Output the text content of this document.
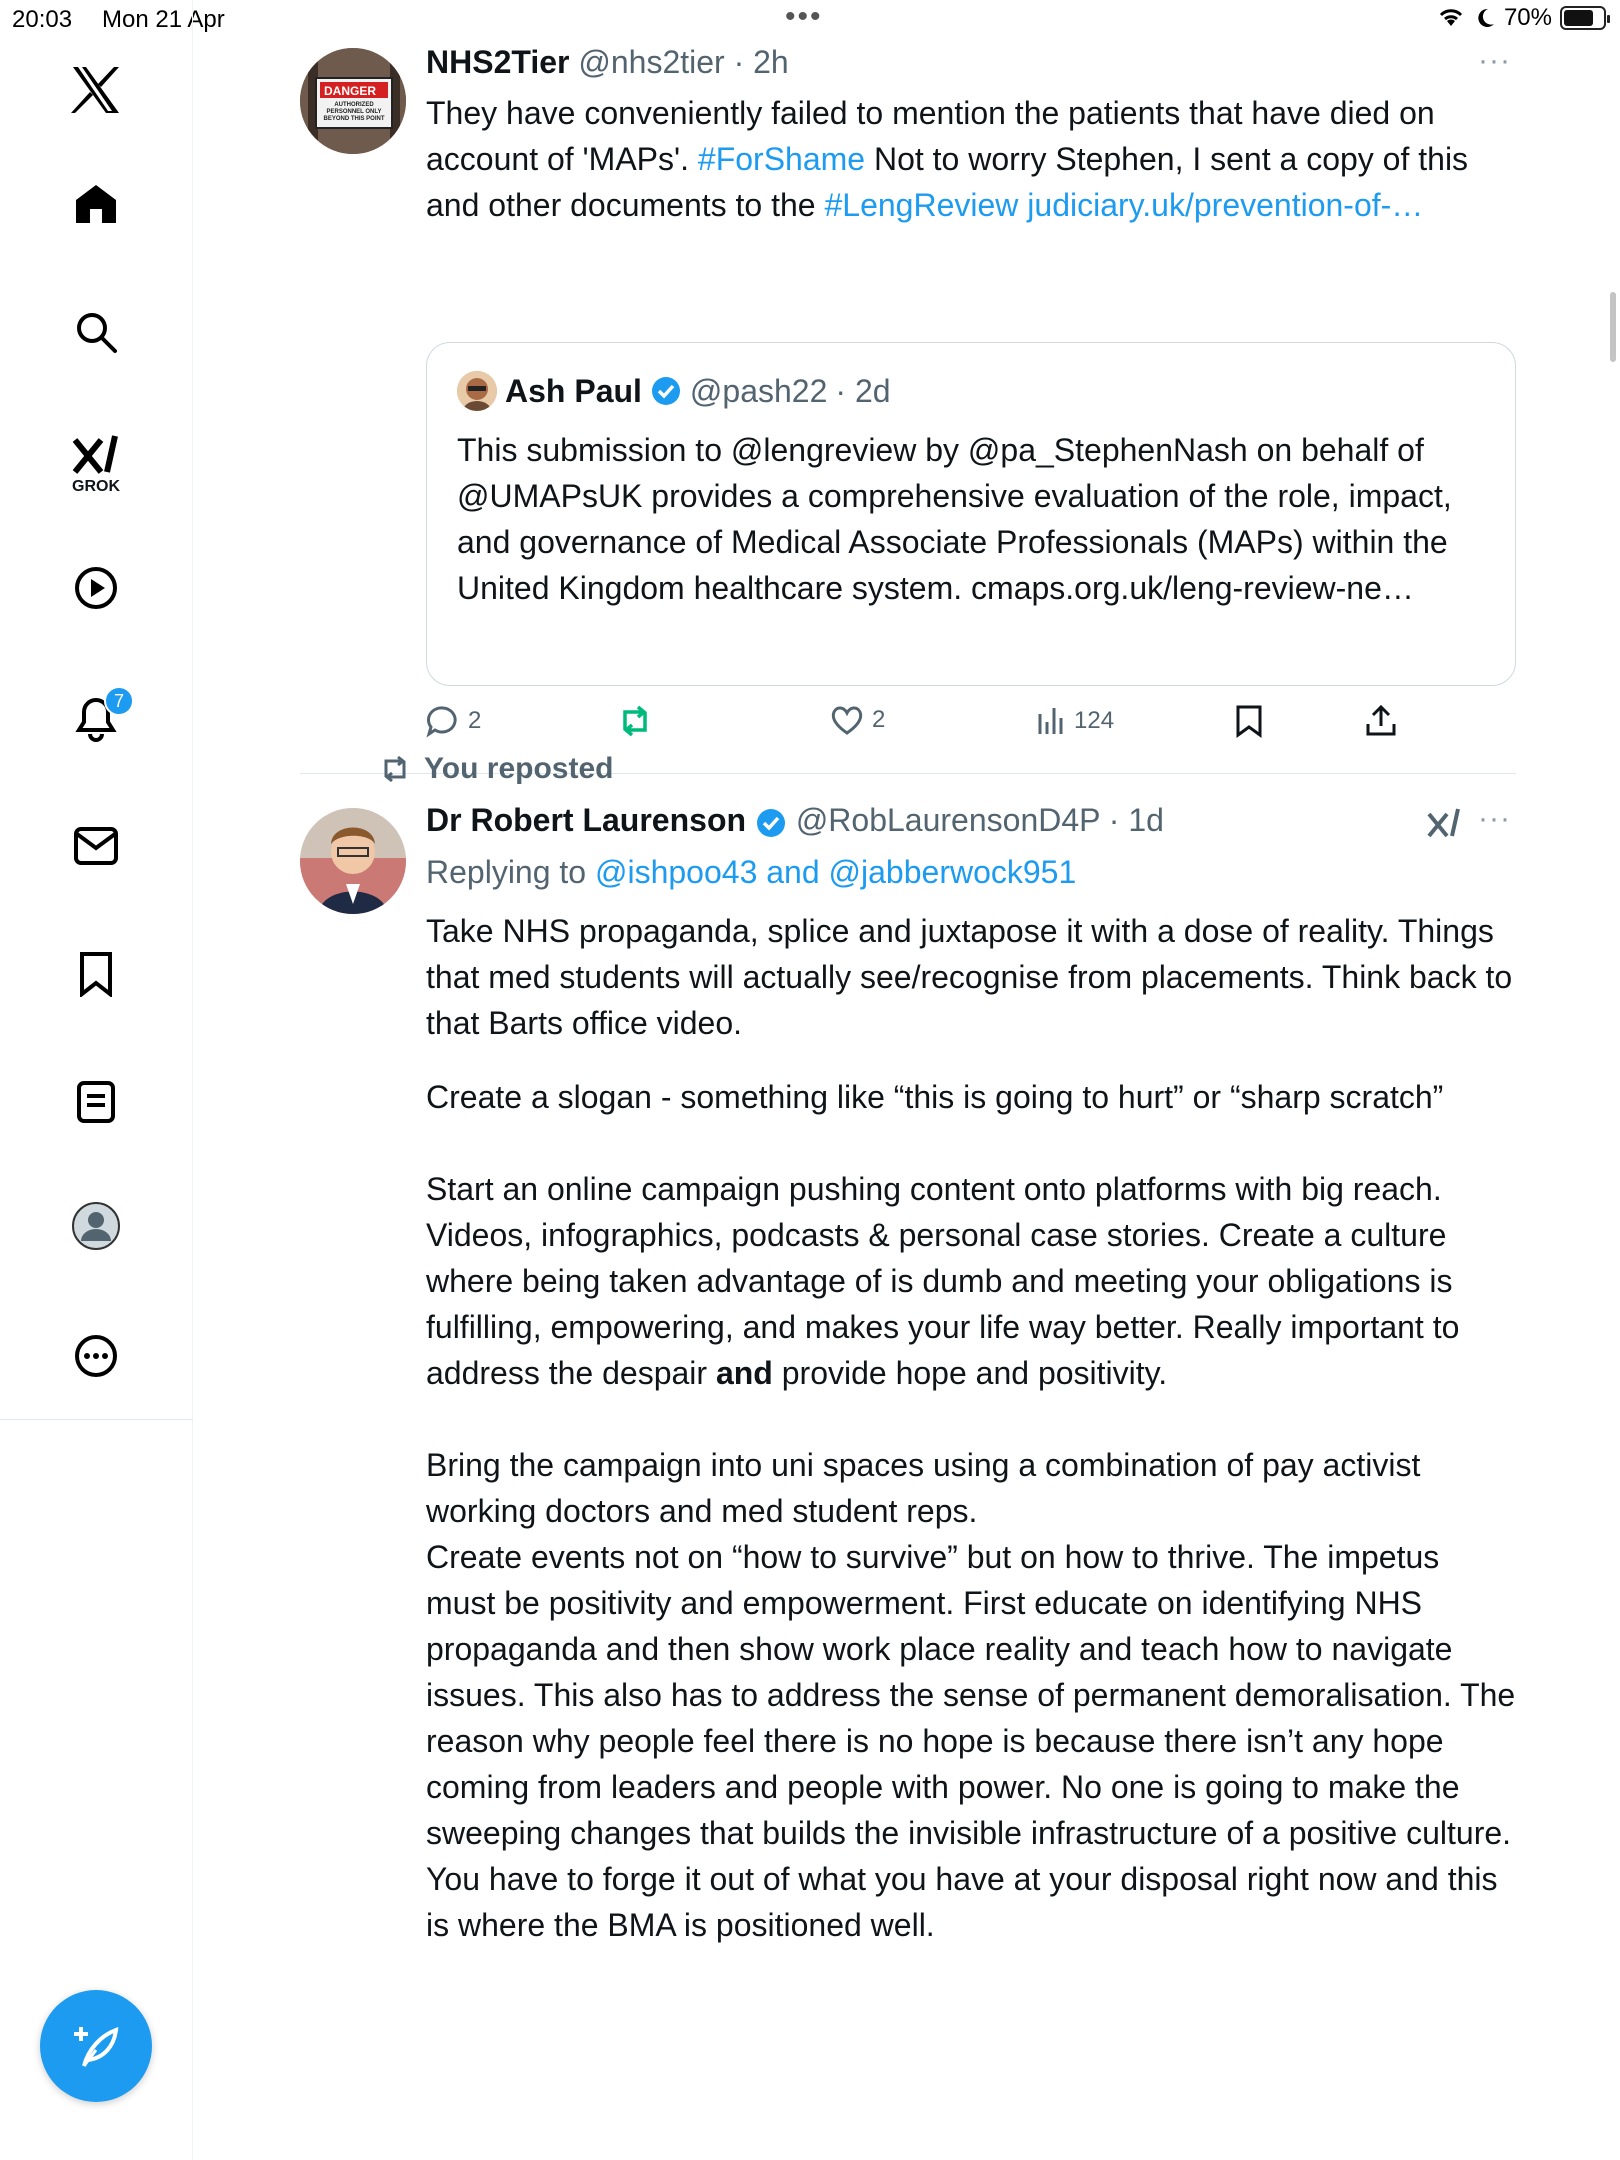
20:03 Mon 21 Apr	•••	70%
GROK
7
DANGER
AUTHORIZED PERSONNEL ONLY BEYOND THIS POINT
NHS2Tier @nhs2tier · 2h	···
They have conveniently failed to mention the patients that have died on account of 'MAPs'. #ForShame Not to worry Stephen, I sent a copy of this and other documents to the #LengReview judiciary.uk/prevention-of-…
Ash Paul @pash22 · 2d
This submission to @lengreview by @pa_StephenNash on behalf of @UMAPsUK provides a comprehensive evaluation of the role, impact, and governance of Medical Associate Professionals (MAPs) within the United Kingdom healthcare system. cmaps.org.uk/leng-review-ne…
2	2	124
You reposted
Dr Robert Laurenson @RobLaurensonD4P · 1d	···
Replying to @ishpoo43 and @jabberwock951

Take NHS propaganda, splice and juxtapose it with a dose of reality. Things that med students will actually see/recognise from placements. Think back to that Barts office video.

Create a slogan - something like “this is going to hurt” or “sharp scratch”

Start an online campaign pushing content onto platforms with big reach. Videos, infographics, podcasts & personal case stories. Create a culture where being taken advantage of is dumb and meeting your obligations is fulfilling, empowering, and makes your life way better. Really important to address the despair and provide hope and positivity.

Bring the campaign into uni spaces using a combination of pay activist working doctors and med student reps.

Create events not on “how to survive” but on how to thrive. The impetus must be positivity and empowerment. First educate on identifying NHS propaganda and then show work place reality and teach how to navigate issues. This also has to address the sense of permanent demoralisation. The reason why people feel there is no hope is because there isn’t any hope coming from leaders and people with power. No one is going to make the sweeping changes that builds the invisible infrastructure of a positive culture. You have to forge it out of what you have at your disposal right now and this is where the BMA is positioned well.
